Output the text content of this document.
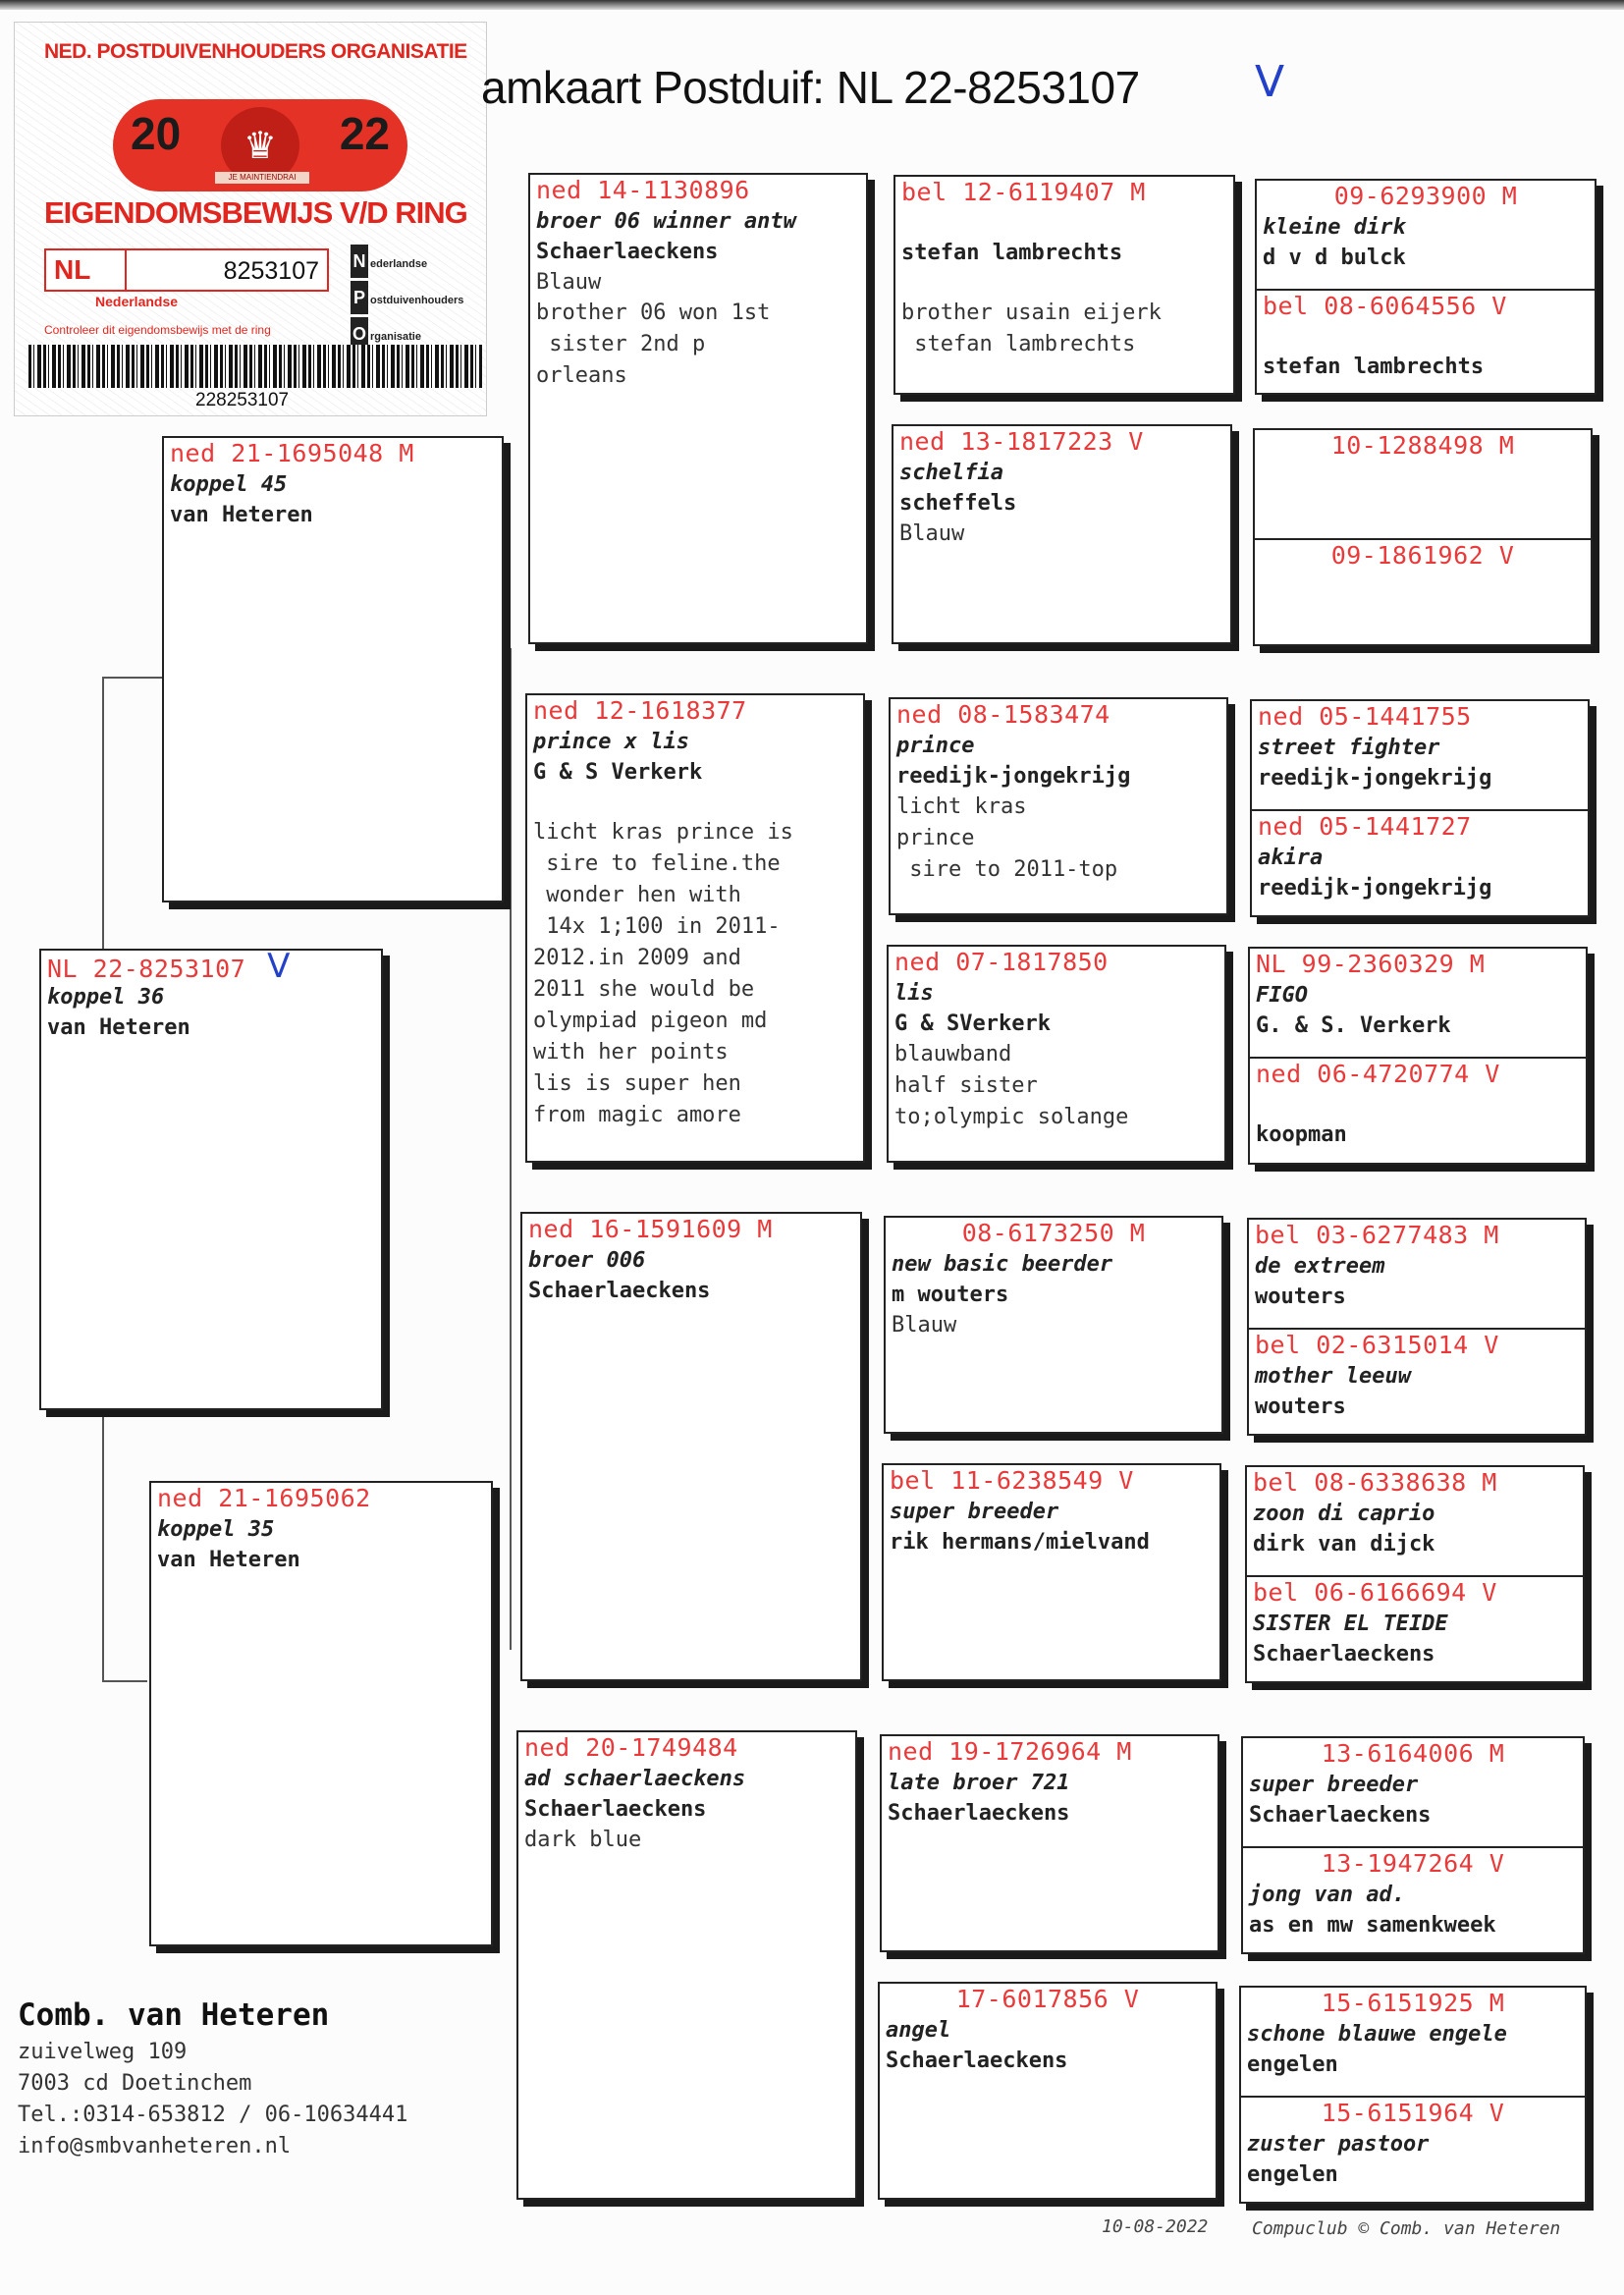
NED. POSTDUIVENHOUDERS ORGANISATIE
20	♛
JE MAINTIENDRAI
22
EIGENDOMSBEWIJS V/D RING
NL	8253107
Nederlandse
Controleer dit eigendomsbewijs met de ring
N ederlandse
P ostduivenhouders
O rganisatie
228253107
amkaart Postduif: NL 22-8253107	V
NL 22-8253107 V
koppel 36
van Heteren
ned 21-1695048 M
koppel 45
van Heteren
ned 21-1695062
koppel 35
van Heteren
ned 14-1130896
broer 06 winner antw
Schaerlaeckens
Blauw
brother 06 won 1st
sister 2nd p
orleans
ned 12-1618377
prince x lis
G & S Verkerk
licht kras prince is
sire to feline.the
wonder hen with
14x 1;100 in 2011-
2012.in 2009 and
2011 she would be
olympiad pigeon md
with her points
lis is super hen
from magic amore
ned 16-1591609 M
broer 006
Schaerlaeckens
ned 20-1749484
ad schaerlaeckens
Schaerlaeckens
dark blue
bel 12-6119407 M
stefan lambrechts
brother usain eijerk
stefan lambrechts
ned 13-1817223 V
schelfia
scheffels
Blauw
ned 08-1583474
prince
reedijk-jongekrijg
licht kras
prince
sire to 2011-top
ned 07-1817850
lis
G & SVerkerk
blauwband
half sister
to;olympic solange
08-6173250 M
new basic beerder
m wouters
Blauw
bel 11-6238549 V
super breeder
rik hermans/mielvand
ned 19-1726964 M
late broer 721
Schaerlaeckens
17-6017856 V
angel
Schaerlaeckens
09-6293900 M
kleine dirk
d v d bulck
bel 08-6064556 V
stefan lambrechts
10-1288498 M
09-1861962 V
ned 05-1441755
street fighter
reedijk-jongekrijg
ned 05-1441727
akira
reedijk-jongekrijg
NL 99-2360329 M
FIGO
G. & S. Verkerk
ned 06-4720774 V
koopman
bel 03-6277483 M
de extreem
wouters
bel 02-6315014 V
mother leeuw
wouters
bel 08-6338638 M
zoon di caprio
dirk van dijck
bel 06-6166694 V
SISTER EL TEIDE
Schaerlaeckens
13-6164006 M
super breeder
Schaerlaeckens
13-1947264 V
jong van ad.
as en mw samenkweek
15-6151925 M
schone blauwe engele
engelen
15-6151964 V
zuster pastoor
engelen
Comb. van Heteren
zuivelweg 109
7003 cd Doetinchem
Tel.:0314-653812 / 06-10634441
info@smbvanheteren.nl
10-08-2022 Compuclub © Comb. van Heteren
